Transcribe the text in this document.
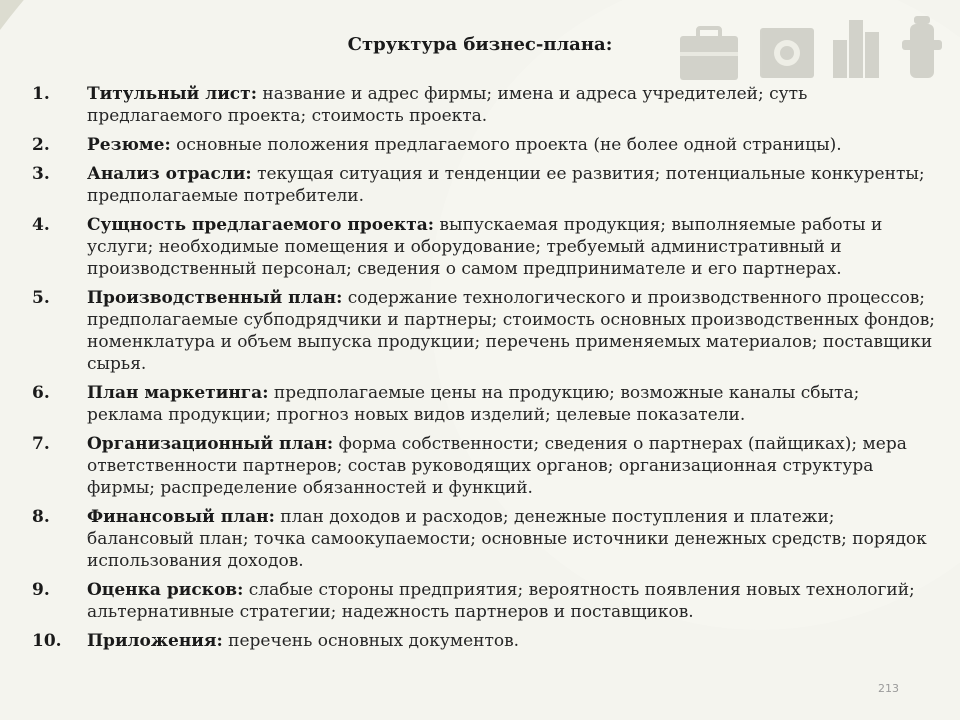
Структура бизнес-плана:
1. Титульный лист: название и адрес фирмы; имена и адреса учредителей; суть предлагаемого проекта; стоимость проекта.
2. Резюме: основные положения предлагаемого проекта (не более одной страницы).
3. Анализ отрасли: текущая ситуация и тенденции ее развития; потенциальные конкуренты; предполагаемые потребители.
4. Сущность предлагаемого проекта: выпускаемая продукция; выполняемые работы и услуги; необходимые помещения и оборудование; требуемый административный и производственный персонал; сведения о самом предпринимателе и его партнерах.
5. Производственный план: содержание технологического и производственного процессов; предполагаемые субподрядчики и партнеры; стоимость основных производственных фондов; номенклатура и объем выпуска продукции; перечень применяемых материалов; поставщики сырья.
6. План маркетинга: предполагаемые цены на продукцию; возможные каналы сбыта; реклама продукции; прогноз новых видов изделий; целевые показатели.
7. Организационный план: форма собственности; сведения о партнерах (пайщиках); мера ответственности партнеров; состав руководящих органов; организационная структура фирмы; распределение обязанностей и функций.
8. Финансовый план: план доходов и расходов; денежные поступления и платежи; балансовый план; точка самоокупаемости; основные источники денежных средств; порядок использования доходов.
9. Оценка рисков: слабые стороны предприятия; вероятность появления новых технологий; альтернативные стратегии; надежность партнеров и поставщиков.
10. Приложения: перечень основных документов.
213
